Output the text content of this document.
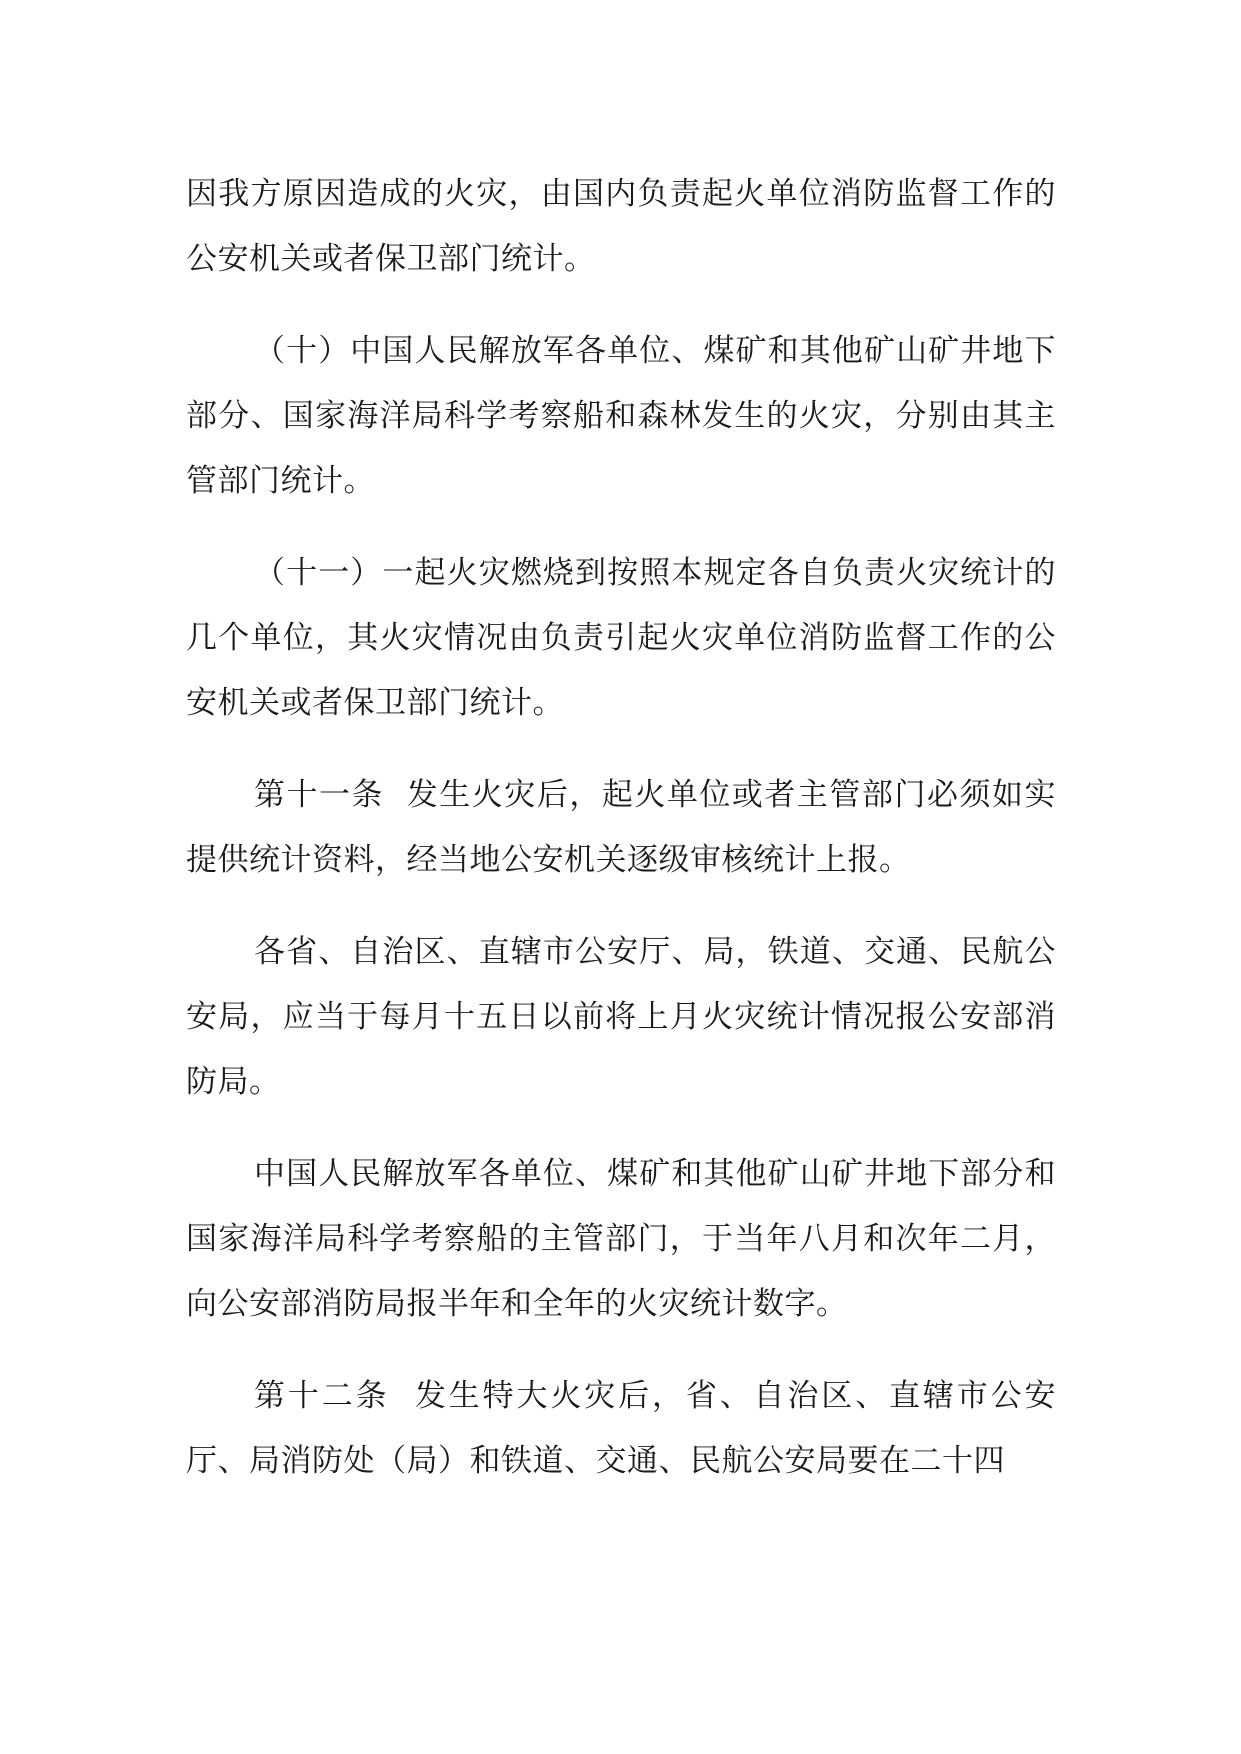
因我方原因造成的火灾，由国内负责起火单位消防监督工作的公安机关或者保卫部门统计。

（十）中国人民解放军各单位、煤矿和其他矿山矿井地下部分、国家海洋局科学考察船和森林发生的火灾，分别由其主管部门统计。

（十一）一起火灾燃烧到按照本规定各自负责火灾统计的几个单位，其火灾情况由负责引起火灾单位消防监督工作的公安机关或者保卫部门统计。

第十一条  发生火灾后，起火单位或者主管部门必须如实提供统计资料，经当地公安机关逐级审核统计上报。

各省、自治区、直辖市公安厅、局，铁道、交通、民航公安局，应当于每月十五日以前将上月火灾统计情况报公安部消防局。

中国人民解放军各单位、煤矿和其他矿山矿井地下部分和国家海洋局科学考察船的主管部门，于当年八月和次年二月，向公安部消防局报半年和全年的火灾统计数字。

第十二条  发生特大火灾后，省、自治区、直辖市公安厅、局消防处（局）和铁道、交通、民航公安局要在二十四
